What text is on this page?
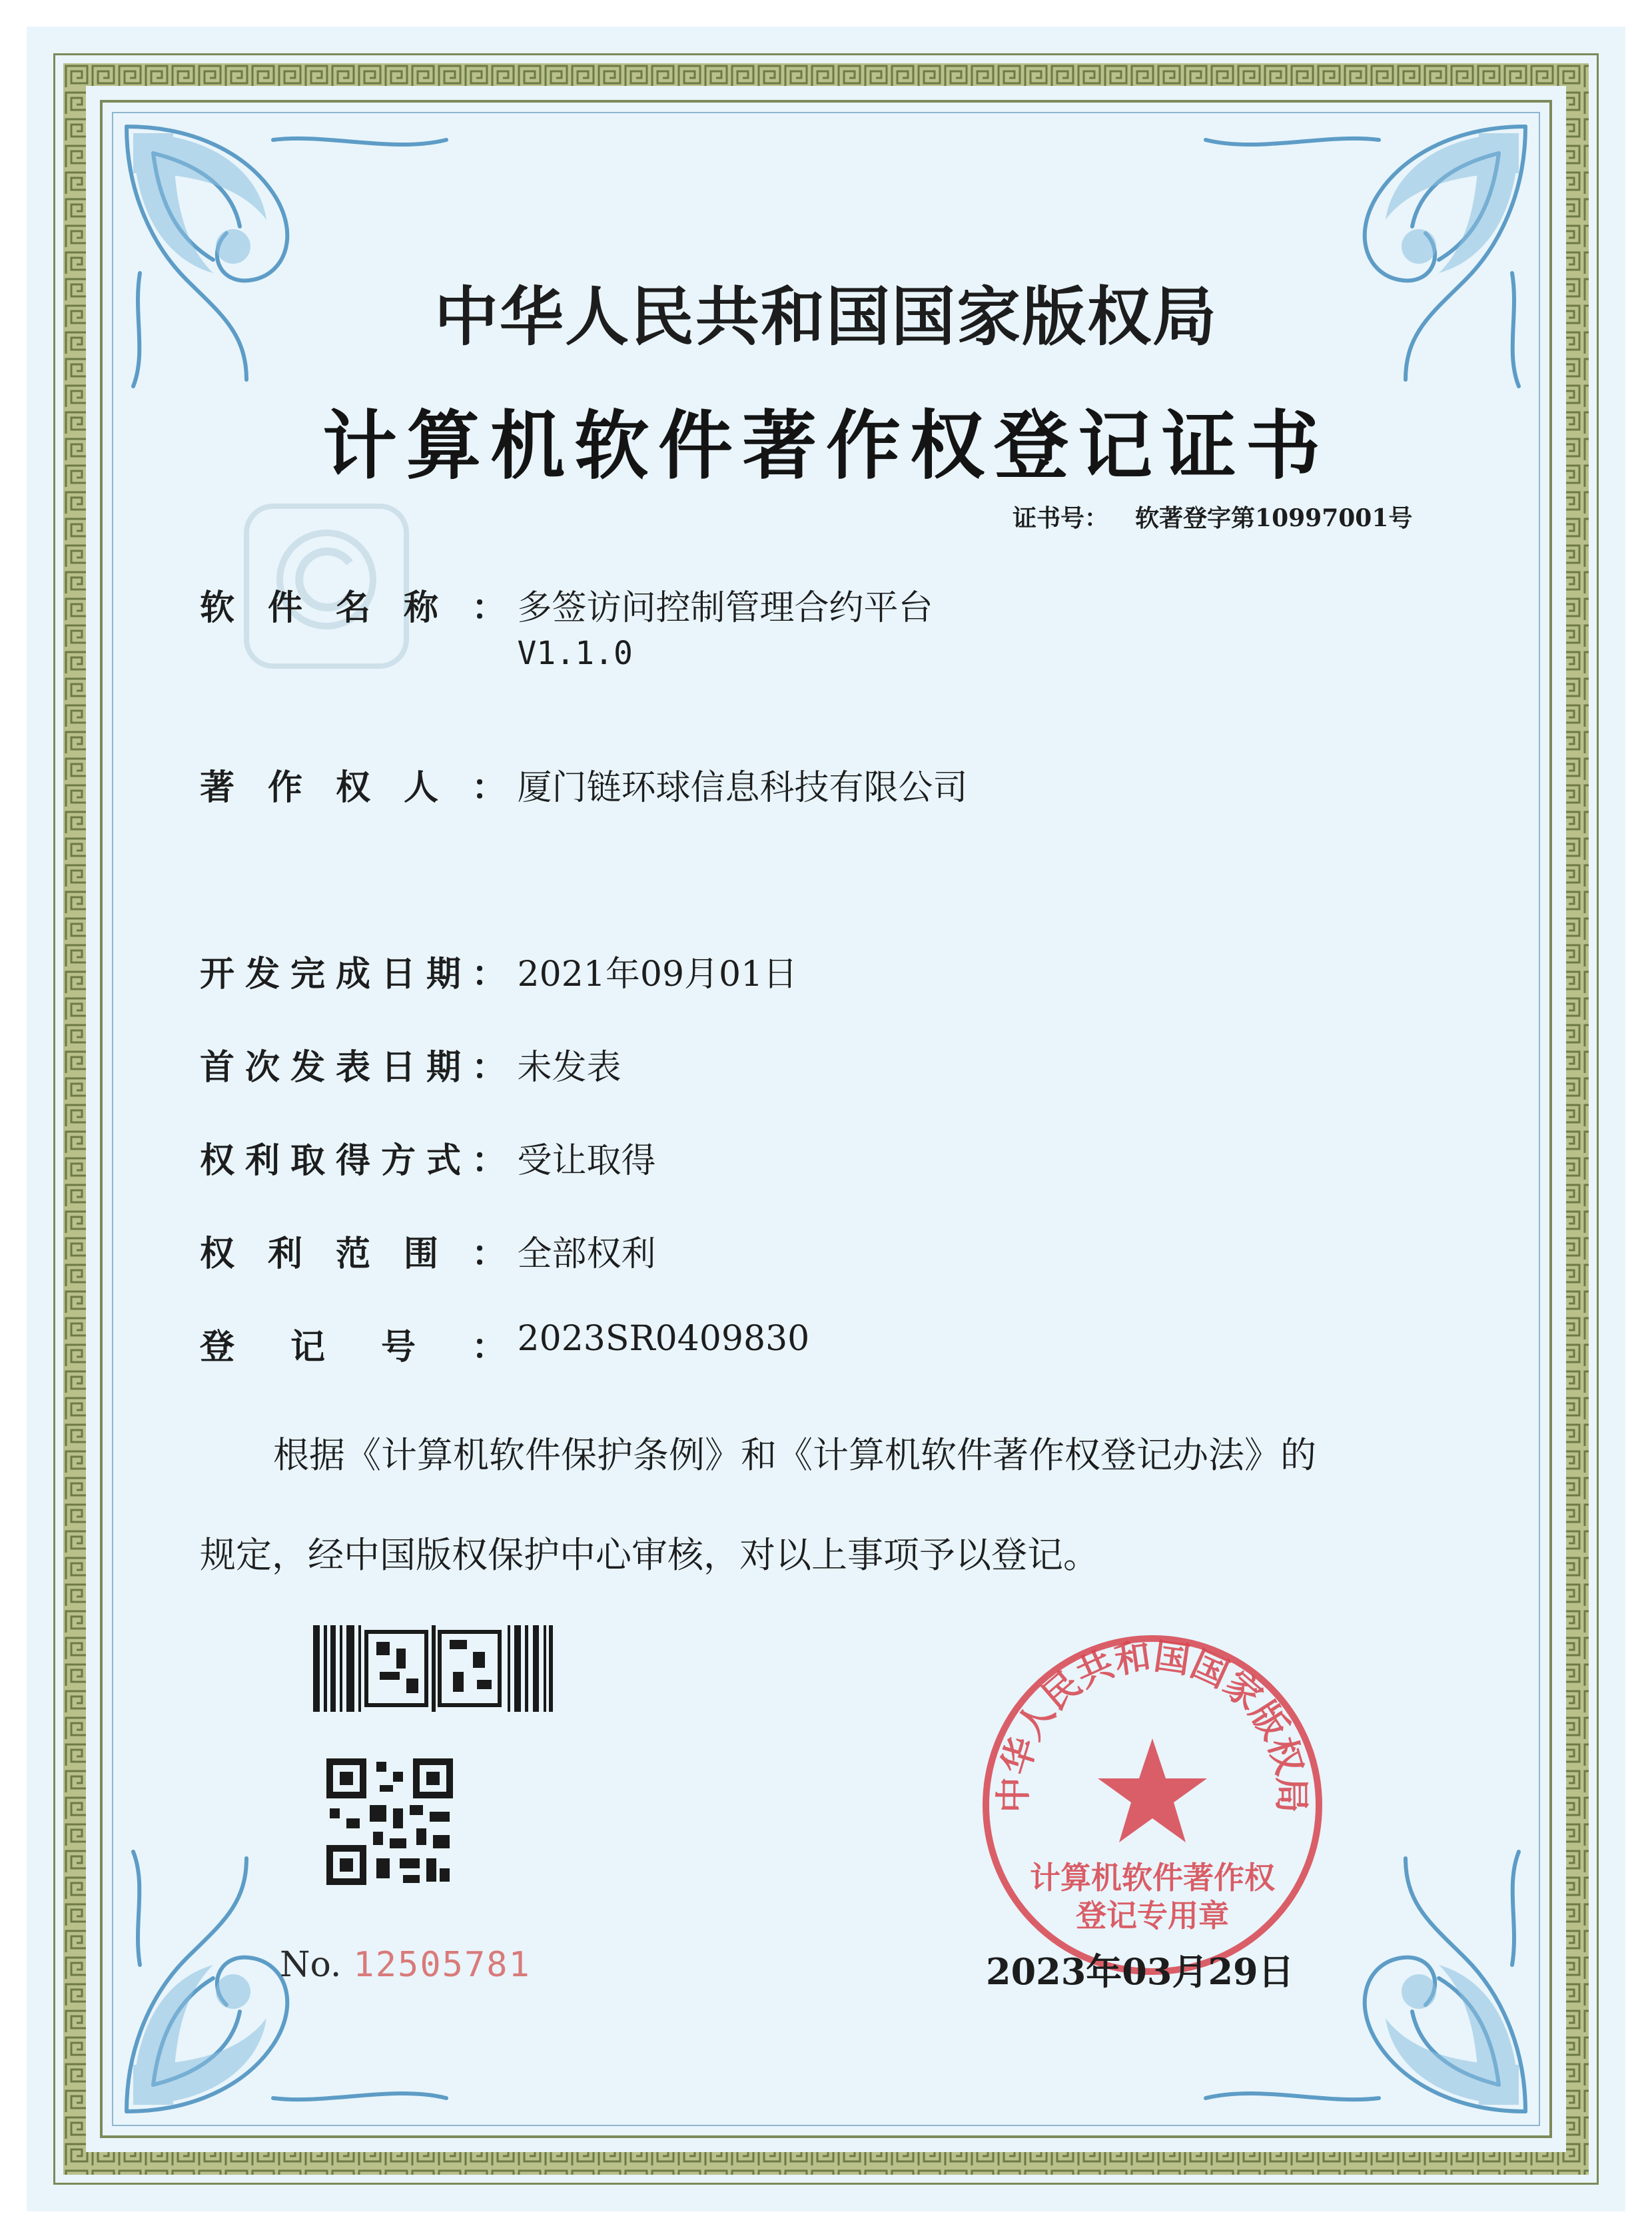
中华人民共和国国家版权局
计算机软件著作权登记证书
证书号： 软著登字第10997001号
软件名称： 多签访问控制管理合约平台
V1.1.0
著作权人： 厦门链环球信息科技有限公司
开发完成日期： 2021年09月01日
首次发表日期： 未发表
权利取得方式： 受让取得
权利范围： 全部权利
登记号： 2023SR0409830
根据《计算机软件保护条例》和《计算机软件著作权登记办法》的
规定，经中国版权保护中心审核，对以上事项予以登记。
No. 12505781
中华人民共和国国家版权局
计算机软件著作权
登记专用章
2023年03月29日
